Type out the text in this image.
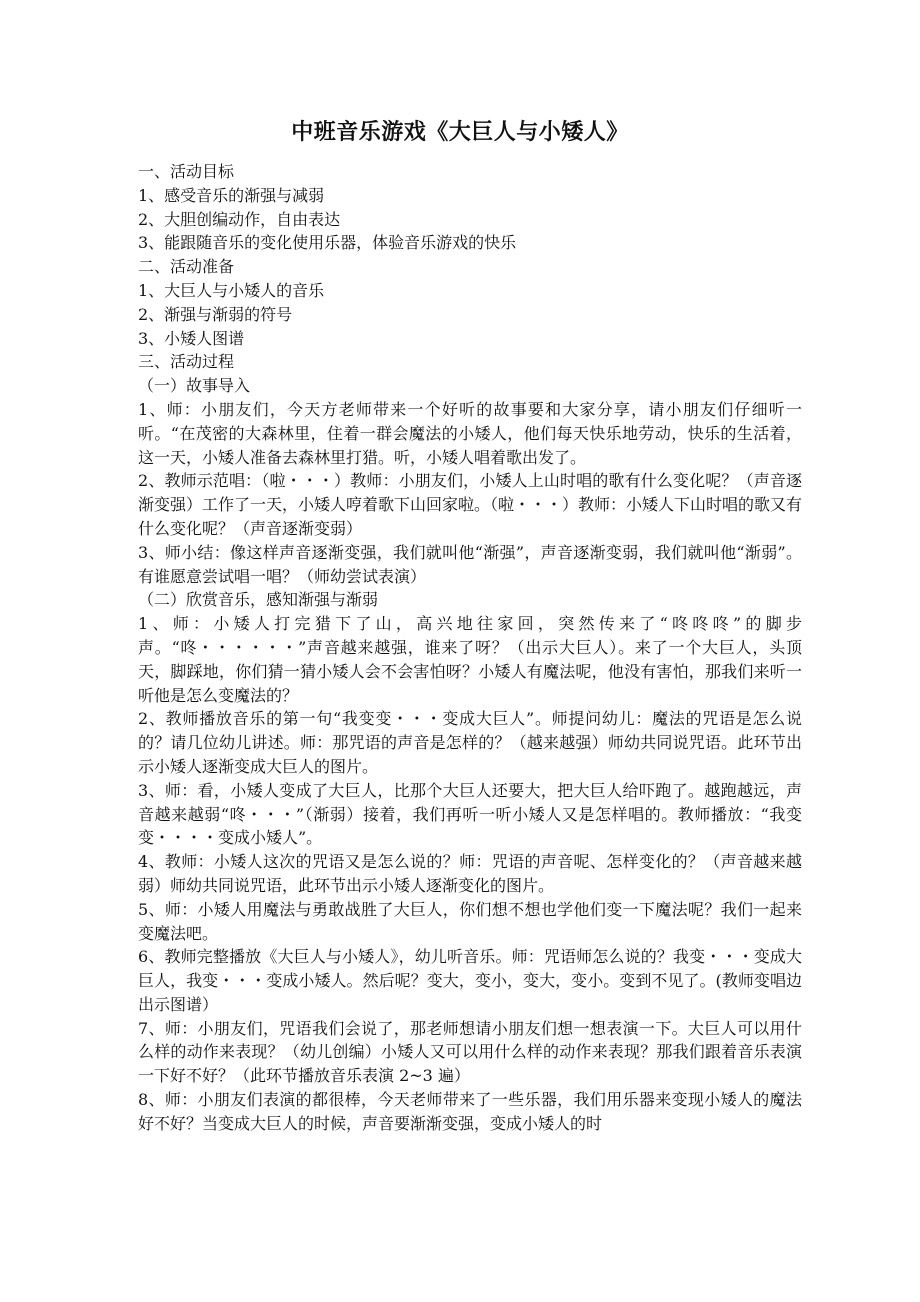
中班音乐游戏《大巨人与小矮人》

一、活动目标

1、感受音乐的渐强与减弱

2、大胆创编动作，自由表达

3、能跟随音乐的变化使用乐器，体验音乐游戏的快乐

二、活动准备

1、大巨人与小矮人的音乐

2、渐强与渐弱的符号

3、小矮人图谱

三、活动过程

（一）故事导入

1、师：小朋友们，今天方老师带来一个好听的故事要和大家分享，请小朋友们仔细听一听。“在茂密的大森林里，住着一群会魔法的小矮人，他们每天快乐地劳动，快乐的生活着，这一天，小矮人准备去森林里打猎。听，小矮人唱着歌出发了。

2、教师示范唱：（啦・・・）教师：小朋友们，小矮人上山时唱的歌有什么变化呢？（声音逐渐变强）工作了一天，小矮人哼着歌下山回家啦。（啦・・・）教师：小矮人下山时唱的歌又有什么变化呢？（声音逐渐变弱）

3、师小结：像这样声音逐渐变强，我们就叫他“渐强”，声音逐渐变弱，我们就叫他“渐弱”。有谁愿意尝试唱一唱？（师幼尝试表演）

（二）欣赏音乐，感知渐强与渐弱

1、师：小矮人打完猎下了山，高兴地往家回，突然传来了“咚咚咚”的脚步声。“咚・・・・・・”声音越来越强，谁来了呀？（出示大巨人）。来了一个大巨人，头顶天，脚踩地，你们猜一猜小矮人会不会害怕呀？小矮人有魔法呢，他没有害怕，那我们来听一听他是怎么变魔法的？

2、教师播放音乐的第一句“我变变・・・变成大巨人”。师提问幼儿：魔法的咒语是怎么说的？请几位幼儿讲述。师：那咒语的声音是怎样的？（越来越强）师幼共同说咒语。此环节出示小矮人逐渐变成大巨人的图片。

3、师：看，小矮人变成了大巨人，比那个大巨人还要大，把大巨人给吓跑了。越跑越远，声音越来越弱“咚・・・”（渐弱）接着，我们再听一听小矮人又是怎样唱的。教师播放：“我变变・・・・变成小矮人”。

4、教师：小矮人这次的咒语又是怎么说的？师：咒语的声音呢、怎样变化的？（声音越来越弱）师幼共同说咒语，此环节出示小矮人逐渐变化的图片。

5、师：小矮人用魔法与勇敢战胜了大巨人，你们想不想也学他们变一下魔法呢？我们一起来变魔法吧。

6、教师完整播放《大巨人与小矮人》，幼儿听音乐。师：咒语师怎么说的？我变・・・变成大巨人，我变・・・变成小矮人。然后呢？变大，变小，变大，变小。变到不见了。(教师变唱边出示图谱）

7、师：小朋友们，咒语我们会说了，那老师想请小朋友们想一想表演一下。大巨人可以用什么样的动作来表现？（幼儿创编）小矮人又可以用什么样的动作来表现？那我们跟着音乐表演一下好不好？（此环节播放音乐表演 2~3 遍）

8、师：小朋友们表演的都很棒，今天老师带来了一些乐器，我们用乐器来变现小矮人的魔法好不好？当变成大巨人的时候，声音要渐渐变强，变成小矮人的时
